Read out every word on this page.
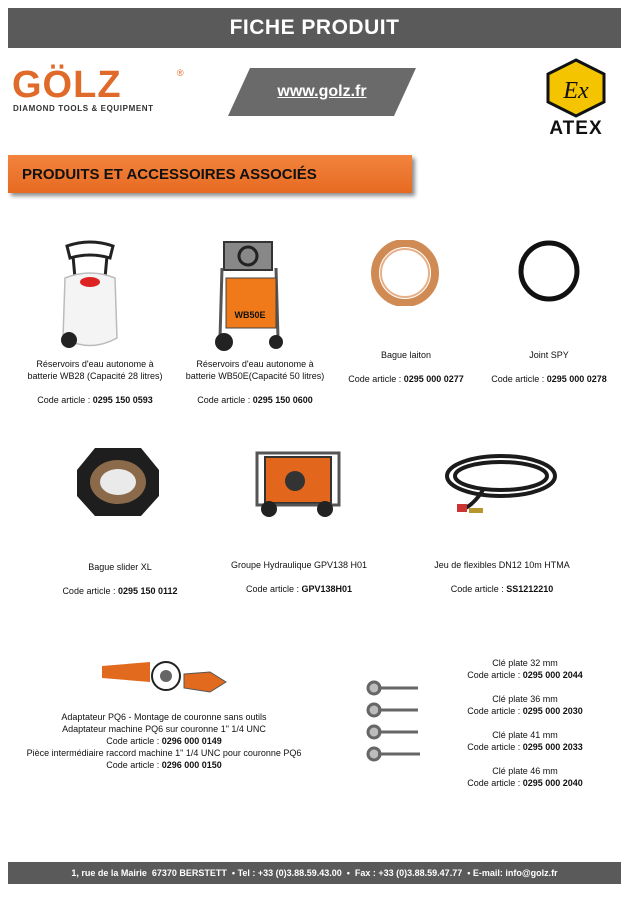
FICHE PRODUIT
GÖLZ	®
DIAMOND TOOLS & EQUIPMENT
www.golz.fr	Ex
ATEX
PRODUITS ET ACCESSOIRES ASSOCIÉS
WB50E
Réservoirs d'eau autonome à
batterie WB28 (Capacité 28 litres)
Code article : 0295 150 0593
Réservoirs d'eau autonome à
batterie WB50E(Capacité 50 litres)
Code article : 0295 150 0600
Bague laiton
Code article : 0295 000 0277
Joint SPY
Code article : 0295 000 0278
Bague slider XL
Code article : 0295 150 0112
Groupe Hydraulique GPV138 H01
Code article : GPV138H01
Jeu de flexibles DN12 10m HTMA
Code article : SS1212210
Adaptateur PQ6 - Montage de couronne sans outils
Adaptateur machine PQ6 sur couronne 1" 1/4 UNC
Code article : 0296 000 0149
Pièce intermédiaire raccord machine 1" 1/4 UNC pour couronne PQ6
Code article : 0296 000 0150
Clé plate 32 mm
Code article : 0295 000 2044
Clé plate 36 mm
Code article : 0295 000 2030
Clé plate 41 mm
Code article : 0295 000 2033
Clé plate 46 mm
Code article : 0295 000 2040
1, rue de la Mairie  67370 BERSTETT  • Tel : +33 (0)3.88.59.43.00  •  Fax : +33 (0)3.88.59.47.77  • E-mail: info@golz.fr
